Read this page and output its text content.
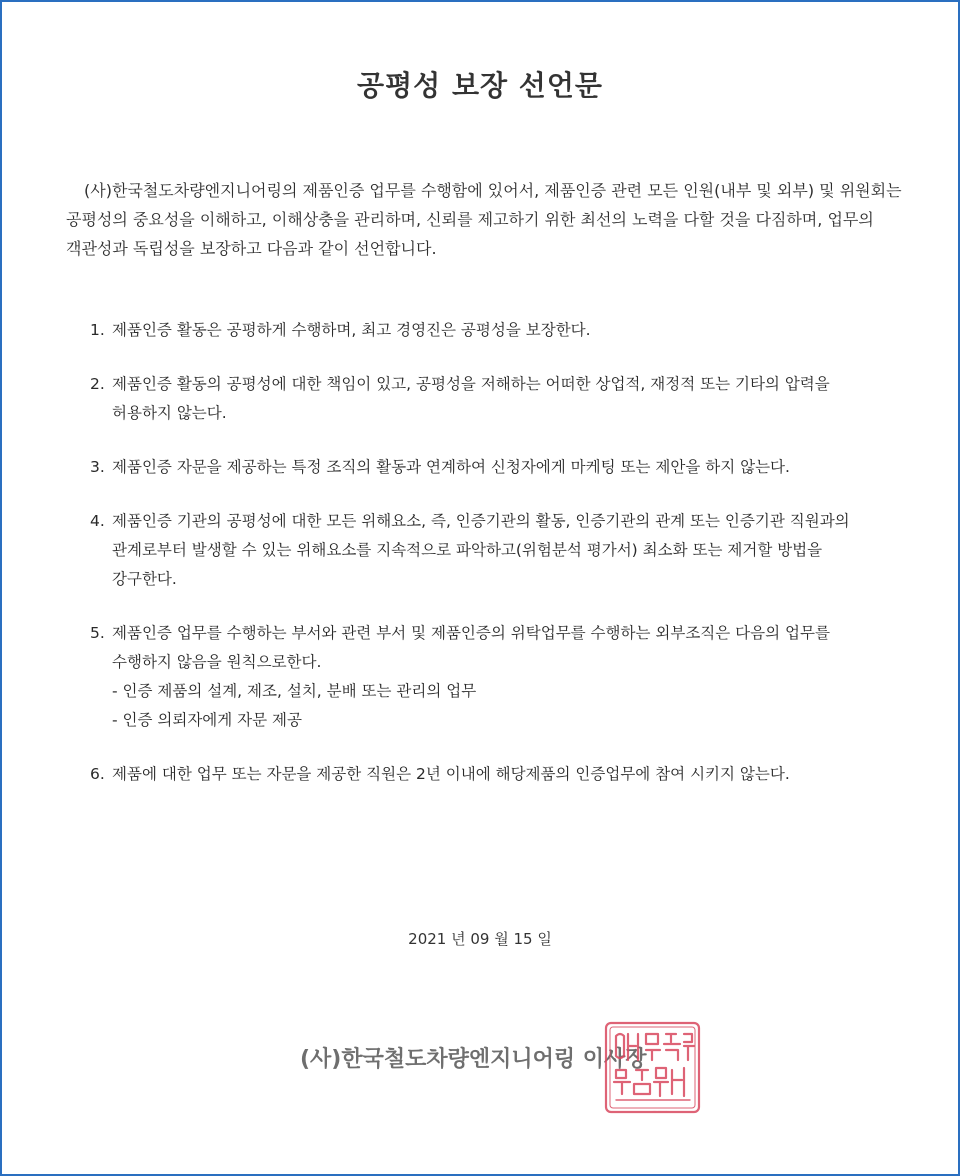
공평성 보장 선언문

(사)한국철도차량엔지니어링의 제품인증 업무를 수행함에 있어서, 제품인증 관련 모든 인원(내부 및 외부) 및 위원회는 공평성의 중요성을 이해하고, 이해상충을 관리하며, 신뢰를 제고하기 위한 최선의 노력을 다할 것을 다짐하며, 업무의 객관성과 독립성을 보장하고 다음과 같이 선언합니다.

1. 제품인증 활동은 공평하게 수행하며, 최고 경영진은 공평성을 보장한다.
2. 제품인증 활동의 공평성에 대한 책임이 있고, 공평성을 저해하는 어떠한 상업적, 재정적 또는 기타의 압력을 허용하지 않는다.
3. 제품인증 자문을 제공하는 특정 조직의 활동과 연계하여 신청자에게 마케팅 또는 제안을 하지 않는다.
4. 제품인증 기관의 공평성에 대한 모든 위해요소, 즉, 인증기관의 활동, 인증기관의 관계 또는 인증기관 직원과의 관계로부터 발생할 수 있는 위해요소를 지속적으로 파악하고(위험분석 평가서) 최소화 또는 제거할 방법을 강구한다.
5. 제품인증 업무를 수행하는 부서와 관련 부서 및 제품인증의 위탁업무를 수행하는 외부조직은 다음의 업무를 수행하지 않음을 원칙으로한다.
- 인증 제품의 설계, 제조, 설치, 분배 또는 관리의 업무
- 인증 의뢰자에게 자문 제공
6. 제품에 대한 업무 또는 자문을 제공한 직원은 2년 이내에 해당제품의 인증업무에 참여 시키지 않는다.
2021 년 09 월 15 일
(사)한국철도차량엔지니어링 이사장
(사)한국철도차량엔지니어링이사장인
